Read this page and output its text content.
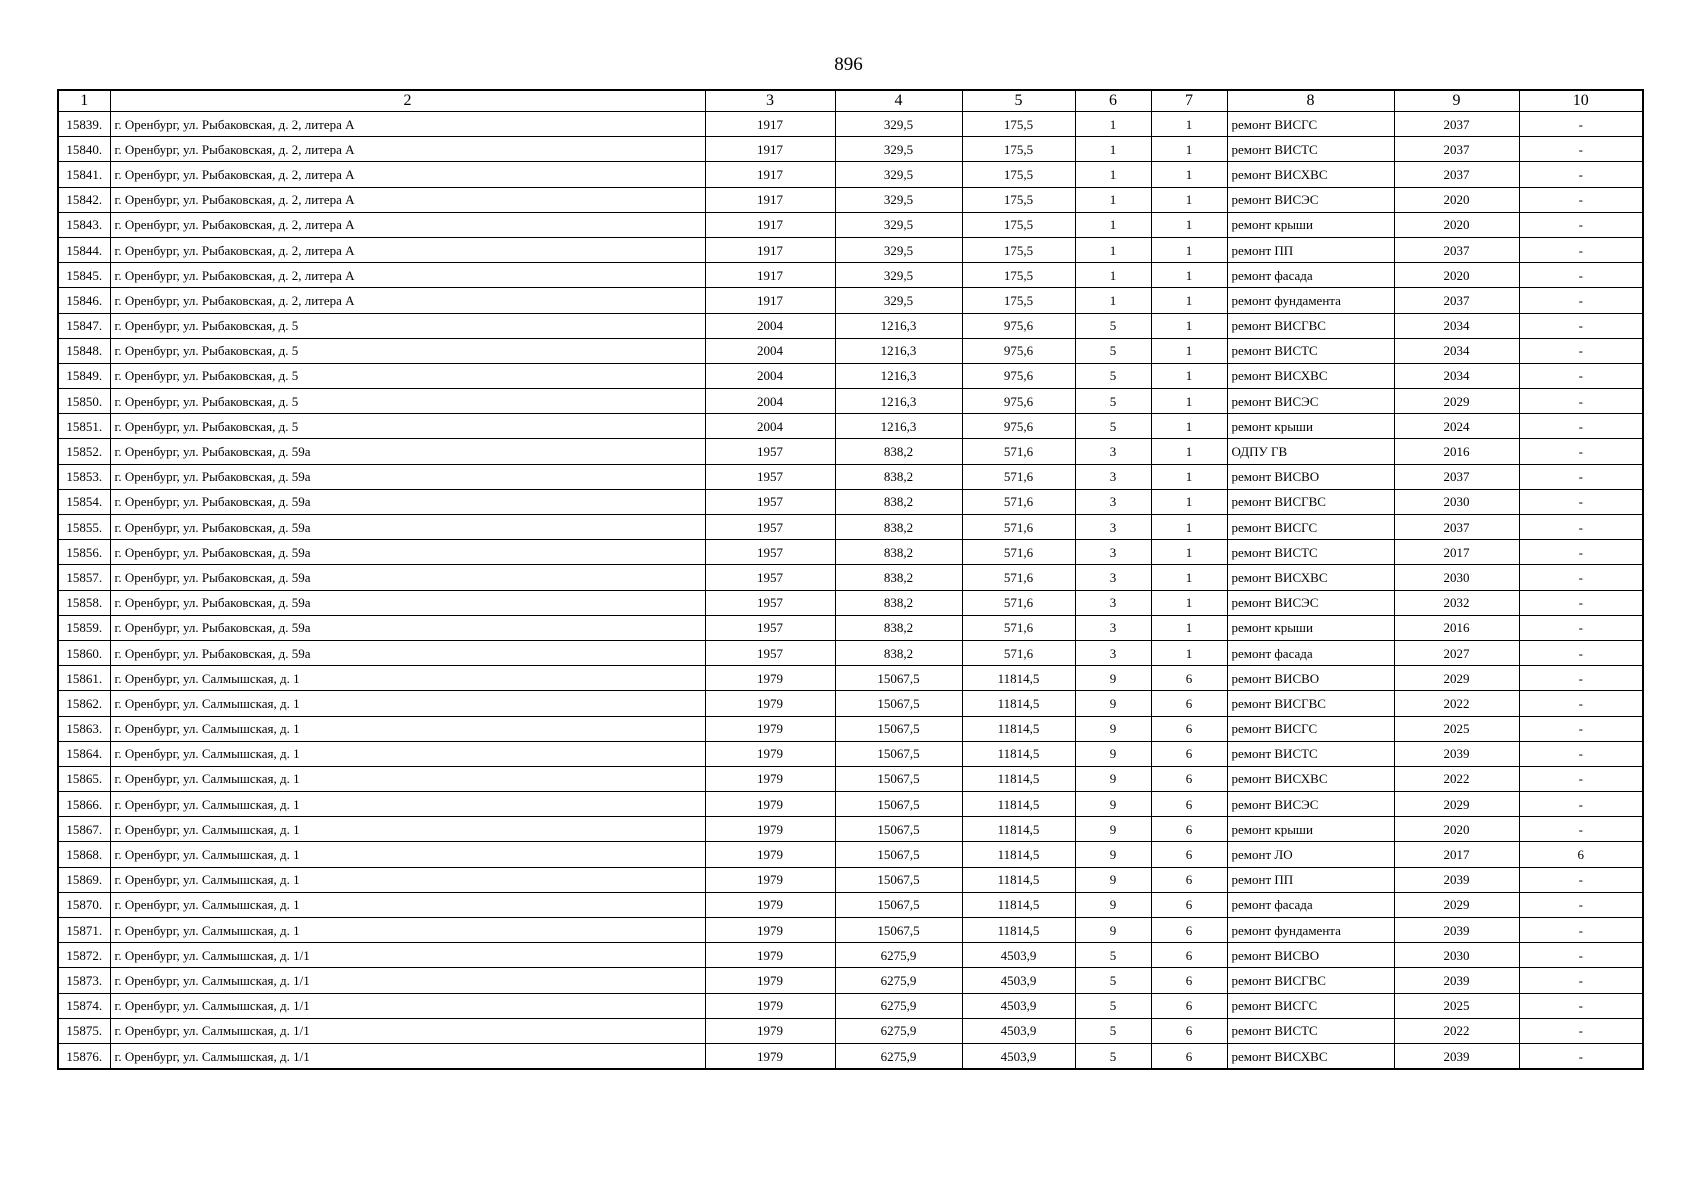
896
1	2	3	4	5	6	7	8	9	10
15839.	г. Оренбург, ул. Рыбаковская, д. 2, литера А	1917	329,5	175,5	1	1	ремонт ВИСГС	2037	-
15840.	г. Оренбург, ул. Рыбаковская, д. 2, литера А	1917	329,5	175,5	1	1	ремонт ВИСТС	2037	-
15841.	г. Оренбург, ул. Рыбаковская, д. 2, литера А	1917	329,5	175,5	1	1	ремонт ВИСХВС	2037	-
15842.	г. Оренбург, ул. Рыбаковская, д. 2, литера А	1917	329,5	175,5	1	1	ремонт ВИСЭС	2020	-
15843.	г. Оренбург, ул. Рыбаковская, д. 2, литера А	1917	329,5	175,5	1	1	ремонт крыши	2020	-
15844.	г. Оренбург, ул. Рыбаковская, д. 2, литера А	1917	329,5	175,5	1	1	ремонт ПП	2037	-
15845.	г. Оренбург, ул. Рыбаковская, д. 2, литера А	1917	329,5	175,5	1	1	ремонт фасада	2020	-
15846.	г. Оренбург, ул. Рыбаковская, д. 2, литера А	1917	329,5	175,5	1	1	ремонт фундамента	2037	-
15847.	г. Оренбург, ул. Рыбаковская, д. 5	2004	1216,3	975,6	5	1	ремонт ВИСГВС	2034	-
15848.	г. Оренбург, ул. Рыбаковская, д. 5	2004	1216,3	975,6	5	1	ремонт ВИСТС	2034	-
15849.	г. Оренбург, ул. Рыбаковская, д. 5	2004	1216,3	975,6	5	1	ремонт ВИСХВС	2034	-
15850.	г. Оренбург, ул. Рыбаковская, д. 5	2004	1216,3	975,6	5	1	ремонт ВИСЭС	2029	-
15851.	г. Оренбург, ул. Рыбаковская, д. 5	2004	1216,3	975,6	5	1	ремонт крыши	2024	-
15852.	г. Оренбург, ул. Рыбаковская, д. 59а	1957	838,2	571,6	3	1	ОДПУ ГВ	2016	-
15853.	г. Оренбург, ул. Рыбаковская, д. 59а	1957	838,2	571,6	3	1	ремонт ВИСВО	2037	-
15854.	г. Оренбург, ул. Рыбаковская, д. 59а	1957	838,2	571,6	3	1	ремонт ВИСГВС	2030	-
15855.	г. Оренбург, ул. Рыбаковская, д. 59а	1957	838,2	571,6	3	1	ремонт ВИСГС	2037	-
15856.	г. Оренбург, ул. Рыбаковская, д. 59а	1957	838,2	571,6	3	1	ремонт ВИСТС	2017	-
15857.	г. Оренбург, ул. Рыбаковская, д. 59а	1957	838,2	571,6	3	1	ремонт ВИСХВС	2030	-
15858.	г. Оренбург, ул. Рыбаковская, д. 59а	1957	838,2	571,6	3	1	ремонт ВИСЭС	2032	-
15859.	г. Оренбург, ул. Рыбаковская, д. 59а	1957	838,2	571,6	3	1	ремонт крыши	2016	-
15860.	г. Оренбург, ул. Рыбаковская, д. 59а	1957	838,2	571,6	3	1	ремонт фасада	2027	-
15861.	г. Оренбург, ул. Салмышская, д. 1	1979	15067,5	11814,5	9	6	ремонт ВИСВО	2029	-
15862.	г. Оренбург, ул. Салмышская, д. 1	1979	15067,5	11814,5	9	6	ремонт ВИСГВС	2022	-
15863.	г. Оренбург, ул. Салмышская, д. 1	1979	15067,5	11814,5	9	6	ремонт ВИСГС	2025	-
15864.	г. Оренбург, ул. Салмышская, д. 1	1979	15067,5	11814,5	9	6	ремонт ВИСТС	2039	-
15865.	г. Оренбург, ул. Салмышская, д. 1	1979	15067,5	11814,5	9	6	ремонт ВИСХВС	2022	-
15866.	г. Оренбург, ул. Салмышская, д. 1	1979	15067,5	11814,5	9	6	ремонт ВИСЭС	2029	-
15867.	г. Оренбург, ул. Салмышская, д. 1	1979	15067,5	11814,5	9	6	ремонт крыши	2020	-
15868.	г. Оренбург, ул. Салмышская, д. 1	1979	15067,5	11814,5	9	6	ремонт ЛО	2017	6
15869.	г. Оренбург, ул. Салмышская, д. 1	1979	15067,5	11814,5	9	6	ремонт ПП	2039	-
15870.	г. Оренбург, ул. Салмышская, д. 1	1979	15067,5	11814,5	9	6	ремонт фасада	2029	-
15871.	г. Оренбург, ул. Салмышская, д. 1	1979	15067,5	11814,5	9	6	ремонт фундамента	2039	-
15872.	г. Оренбург, ул. Салмышская, д. 1/1	1979	6275,9	4503,9	5	6	ремонт ВИСВО	2030	-
15873.	г. Оренбург, ул. Салмышская, д. 1/1	1979	6275,9	4503,9	5	6	ремонт ВИСГВС	2039	-
15874.	г. Оренбург, ул. Салмышская, д. 1/1	1979	6275,9	4503,9	5	6	ремонт ВИСГС	2025	-
15875.	г. Оренбург, ул. Салмышская, д. 1/1	1979	6275,9	4503,9	5	6	ремонт ВИСТС	2022	-
15876.	г. Оренбург, ул. Салмышская, д. 1/1	1979	6275,9	4503,9	5	6	ремонт ВИСХВС	2039	-
